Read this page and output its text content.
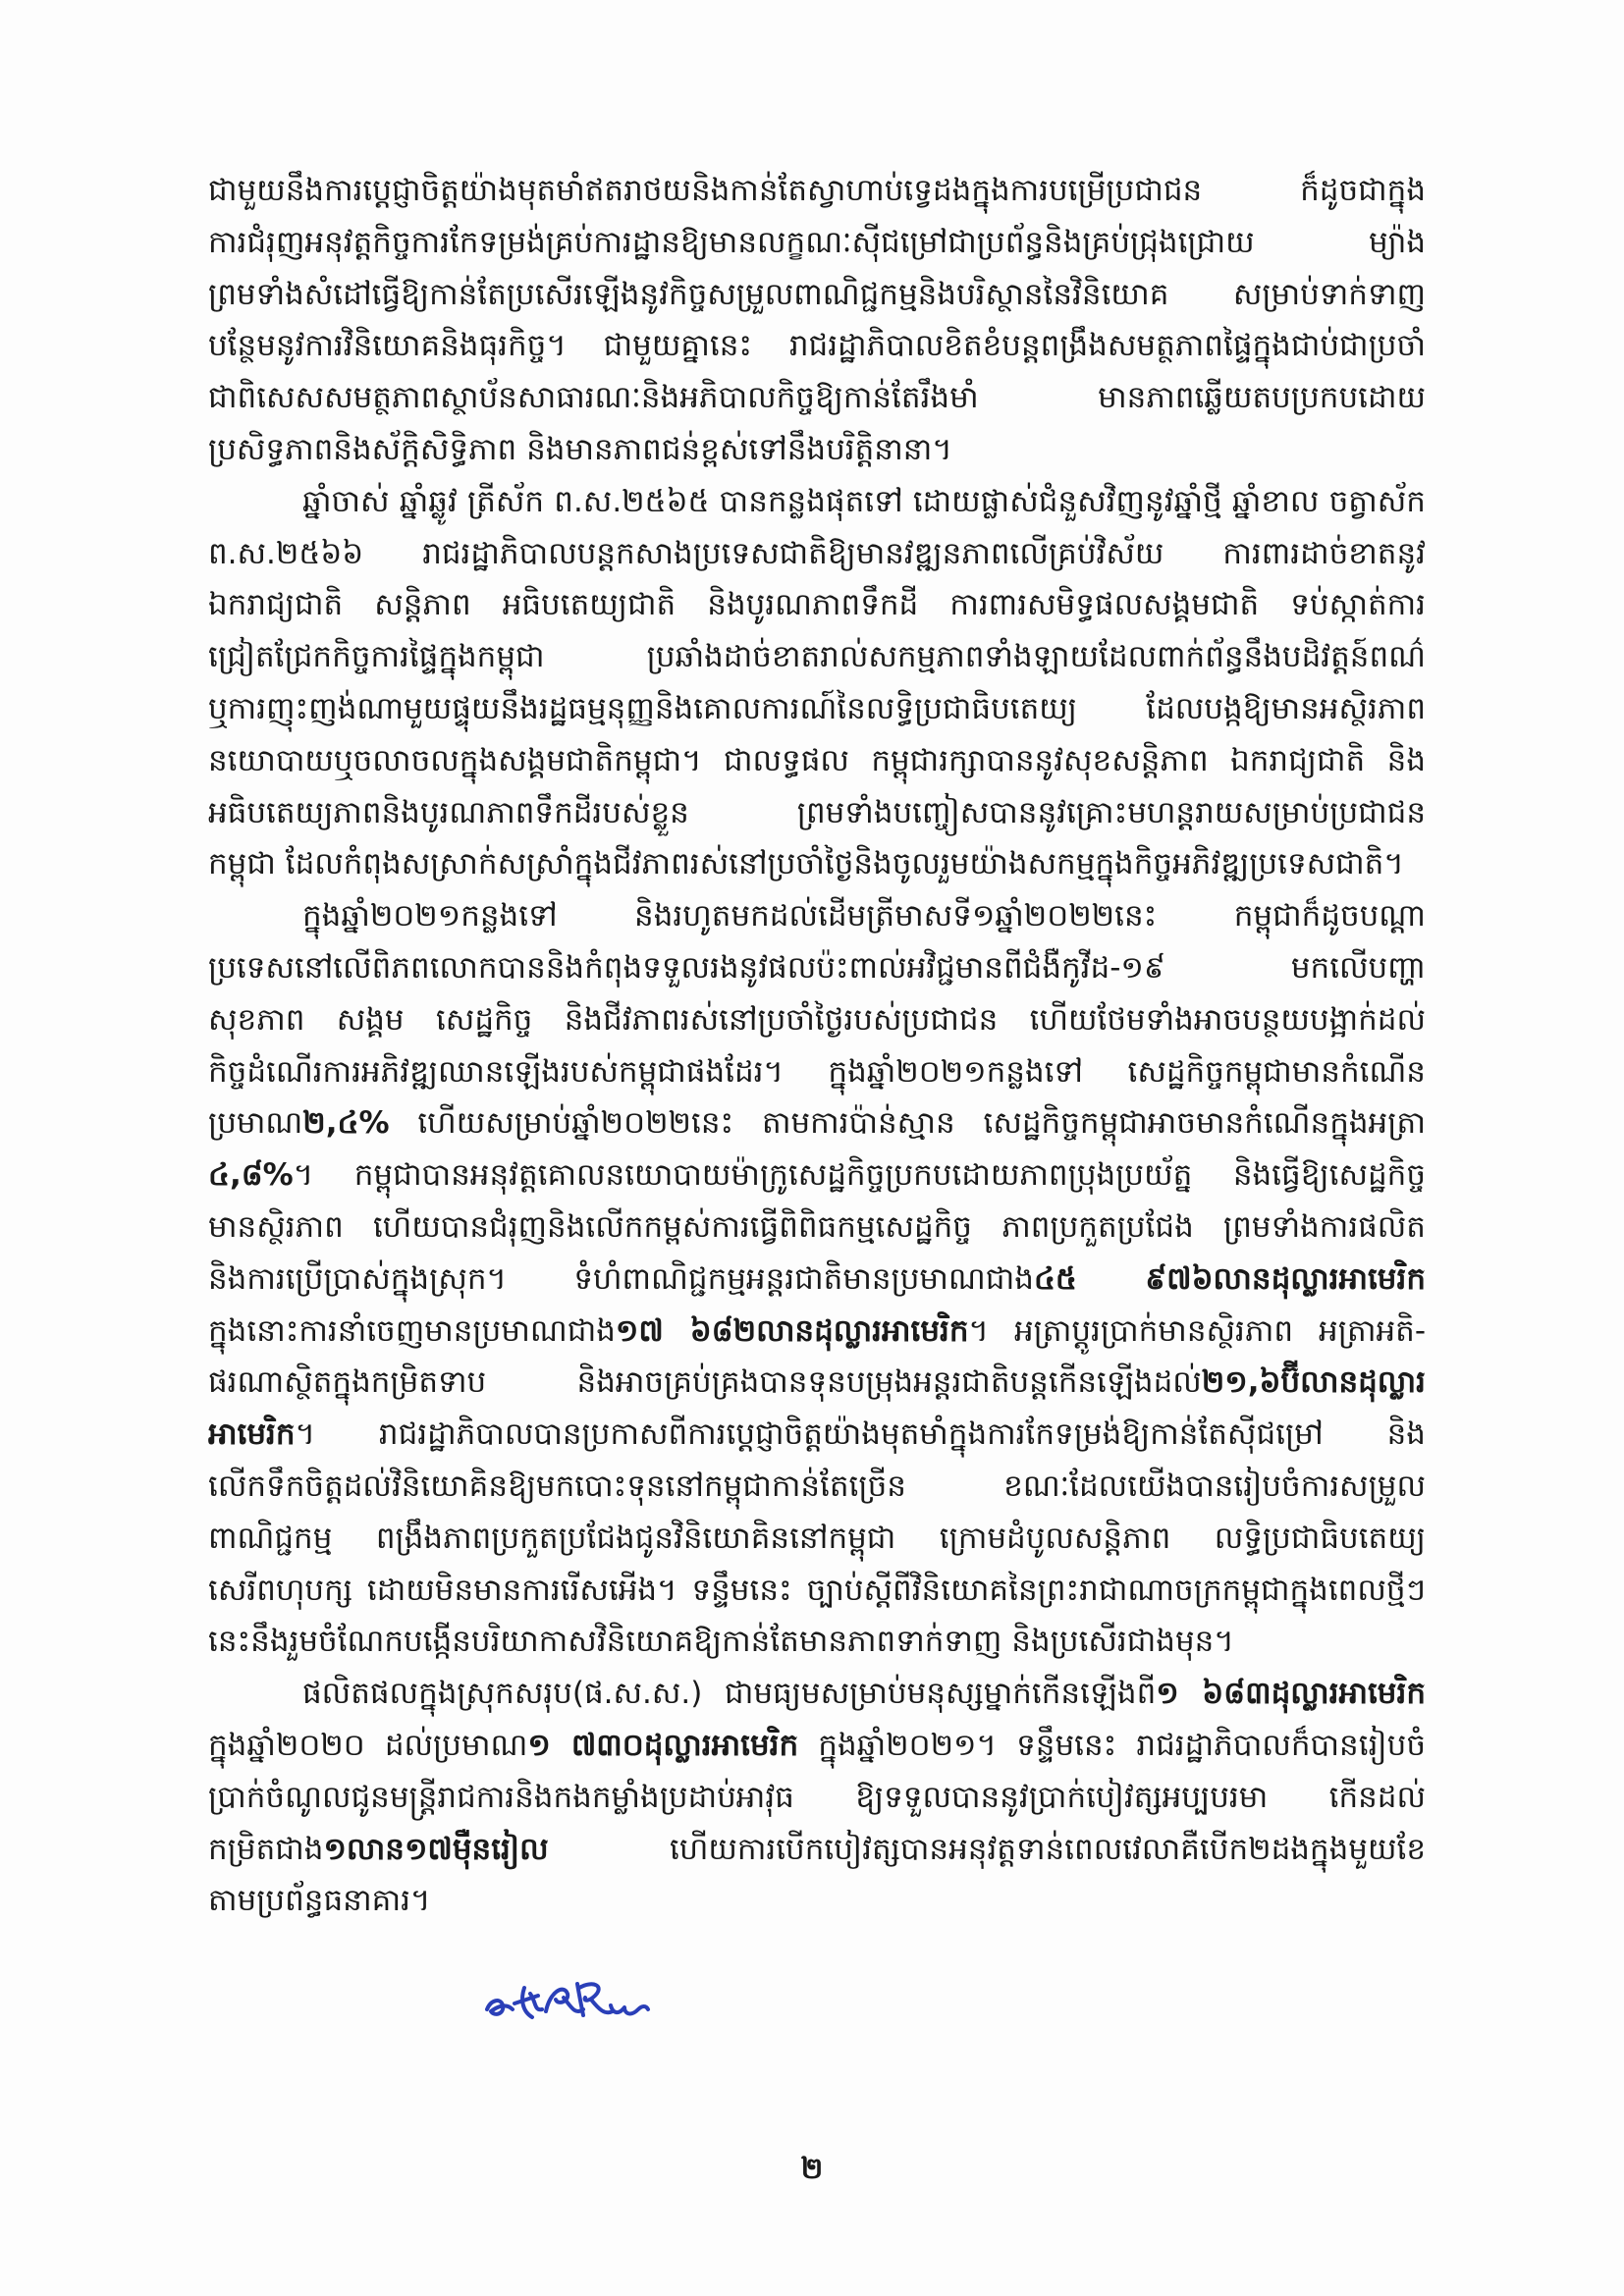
ជាមួយនឹងការប្តេជ្ញាចិត្តយ៉ាងមុតមាំឥតរាថយនិងកាន់តែស្វាហាប់ទ្វេដងក្នុងការបម្រើប្រជាជន ក៏ដូចជាក្នុង
ការជំរុញអនុវត្តកិច្ចការកែទម្រង់គ្រប់ការដ្ឋានឱ្យមានលក្ខណៈស៊ីជម្រៅជាប្រព័ន្ធនិងគ្រប់ជ្រុងជ្រោយ ម្យ៉ាង
ព្រមទាំងសំដៅធ្វើឱ្យកាន់តែប្រសើរឡើងនូវកិច្ចសម្រួលពាណិជ្ជកម្មនិងបរិស្ថាននៃវិនិយោគ សម្រាប់ទាក់ទាញ
បន្ថែមនូវការវិនិយោគនិងធុរកិច្ច។ ជាមួយគ្នានេះ រាជរដ្ឋាភិបាលខិតខំបន្តពង្រឹងសមត្ថភាពផ្ទៃក្នុងជាប់ជាប្រចាំ
ជាពិសេសសមត្ថភាពស្ថាប័នសាធារណៈនិងអភិបាលកិច្ចឱ្យកាន់តែរឹងមាំ មានភាពឆ្លើយតបប្រកបដោយ
ប្រសិទ្ធភាពនិងស័ក្តិសិទ្ធិភាព និងមានភាពជន់ខ្ពស់ទៅនឹងបរិត្តិនានា។
ឆ្នាំចាស់ ឆ្នាំឆ្លូវ ត្រីស័ក ព.ស.២៥៦៥ បានកន្លងផុតទៅ ដោយផ្លាស់ជំនួសវិញនូវឆ្នាំថ្មី ឆ្នាំខាល ចត្វាស័ក
ព.ស.២៥៦៦ រាជរដ្ឋាភិបាលបន្តកសាងប្រទេសជាតិឱ្យមានវឌ្ឍនភាពលើគ្រប់វិស័យ ការពារដាច់ខាតនូវ
ឯករាជ្យជាតិ សន្តិភាព អធិបតេយ្យជាតិ និងបូរណភាពទឹកដី ការពារសមិទ្ធផលសង្គមជាតិ ទប់ស្កាត់ការ
ជ្រៀតជ្រែកកិច្ចការផ្ទៃក្នុងកម្ពុជា ប្រឆាំងដាច់ខាតរាល់សកម្មភាពទាំងឡាយដែលពាក់ព័ន្ធនឹងបដិវត្តន៍ពណ៌
ឬការញុះញង់ណាមួយផ្ទុយនឹងរដ្ឋធម្មនុញ្ញនិងគោលការណ៍នៃលទ្ធិប្រជាធិបតេយ្យ ដែលបង្កឱ្យមានអស្ថិរភាព
នយោបាយឬចលាចលក្នុងសង្គមជាតិកម្ពុជា។ ជាលទ្ធផល កម្ពុជារក្សាបាននូវសុខសន្តិភាព ឯករាជ្យជាតិ និង
អធិបតេយ្យភាពនិងបូរណភាពទឹកដីរបស់ខ្លួន ព្រមទាំងបញ្ចៀសបាននូវគ្រោះមហន្តរាយសម្រាប់ប្រជាជន
កម្ពុជា ដែលកំពុងសស្រាក់សស្រាំក្នុងជីវភាពរស់នៅប្រចាំថ្ងៃនិងចូលរួមយ៉ាងសកម្មក្នុងកិច្ចអភិវឌ្ឍប្រទេសជាតិ។
ក្នុងឆ្នាំ២០២១កន្លងទៅ និងរហូតមកដល់ដើមត្រីមាសទី១ឆ្នាំ២០២២នេះ កម្ពុជាក៏ដូចបណ្តា
ប្រទេសនៅលើពិភពលោកបាននិងកំពុងទទួលរងនូវផលប៉ះពាល់អវិជ្ជមានពីជំងឺកូវីដ-១៩ មកលើបញ្ហា
សុខភាព សង្គម សេដ្ឋកិច្ច និងជីវភាពរស់នៅប្រចាំថ្ងៃរបស់ប្រជាជន ហើយថែមទាំងអាចបន្ថយបង្អាក់ដល់
កិច្ចដំណើរការអភិវឌ្ឍឈានឡើងរបស់កម្ពុជាផងដែរ។ ក្នុងឆ្នាំ២០២១កន្លងទៅ សេដ្ឋកិច្ចកម្ពុជាមានកំណើន
ប្រមាណ២,៤% ហើយសម្រាប់ឆ្នាំ២០២២នេះ តាមការប៉ាន់ស្មាន សេដ្ឋកិច្ចកម្ពុជាអាចមានកំណើនក្នុងអត្រា
៤,៨%។ កម្ពុជាបានអនុវត្តគោលនយោបាយម៉ាក្រូសេដ្ឋកិច្ចប្រកបដោយភាពប្រុងប្រយ័ត្ន និងធ្វើឱ្យសេដ្ឋកិច្ច
មានស្ថិរភាព ហើយបានជំរុញនិងលើកកម្ពស់ការធ្វើពិពិធកម្មសេដ្ឋកិច្ច ភាពប្រកួតប្រជែង ព្រមទាំងការផលិត
និងការប្រើប្រាស់ក្នុងស្រុក។ ទំហំពាណិជ្ជកម្មអន្តរជាតិមានប្រមាណជាង៤៥ ៩៧៦លានដុល្លារអាមេរិក
ក្នុងនោះការនាំចេញមានប្រមាណជាង១៧ ៦៨២លានដុល្លារអាមេរិក។ អត្រាប្តូរប្រាក់មានស្ថិរភាព អត្រាអតិ-
ផរណាស្ថិតក្នុងកម្រិតទាប និងអាចគ្រប់គ្រងបានទុនបម្រុងអន្តរជាតិបន្តកើនឡើងដល់២១,៦ប៊ីលានដុល្លារ
អាមេរិក។ រាជរដ្ឋាភិបាលបានប្រកាសពីការប្តេជ្ញាចិត្តយ៉ាងមុតមាំក្នុងការកែទម្រង់ឱ្យកាន់តែស៊ីជម្រៅ និង
លើកទឹកចិត្តដល់វិនិយោគិនឱ្យមកបោះទុននៅកម្ពុជាកាន់តែច្រើន ខណៈដែលយើងបានរៀបចំការសម្រួល
ពាណិជ្ជកម្ម ពង្រឹងភាពប្រកួតប្រជែងជូនវិនិយោគិននៅកម្ពុជា ក្រោមដំបូលសន្តិភាព លទ្ធិប្រជាធិបតេយ្យ
សេរីពហុបក្ស ដោយមិនមានការរើសអើង។ ទន្ទឹមនេះ ច្បាប់ស្តីពីវិនិយោគនៃព្រះរាជាណាចក្រកម្ពុជាក្នុងពេលថ្មីៗ
នេះនឹងរួមចំណែកបង្កើនបរិយាកាសវិនិយោគឱ្យកាន់តែមានភាពទាក់ទាញ និងប្រសើរជាងមុន។
ផលិតផលក្នុងស្រុកសរុប(ផ.ស.ស.) ជាមធ្យមសម្រាប់មនុស្សម្នាក់កើនឡើងពី១ ៦៨៣ដុល្លារអាមេរិក
ក្នុងឆ្នាំ២០២០ ដល់ប្រមាណ១ ៧៣០ដុល្លារអាមេរិក ក្នុងឆ្នាំ២០២១។ ទន្ទឹមនេះ រាជរដ្ឋាភិបាលក៏បានរៀបចំ
ប្រាក់ចំណូលជូនមន្ត្រីរាជការនិងកងកម្លាំងប្រដាប់អាវុធ ឱ្យទទួលបាននូវប្រាក់បៀវត្សអប្បបរមា កើនដល់
កម្រិតជាង១លាន១៧ម៉ឺនរៀល ហើយការបើកបៀវត្សបានអនុវត្តទាន់ពេលវេលាគឺបើក២ដងក្នុងមួយខែ
តាមប្រព័ន្ធធនាគារ។
២
